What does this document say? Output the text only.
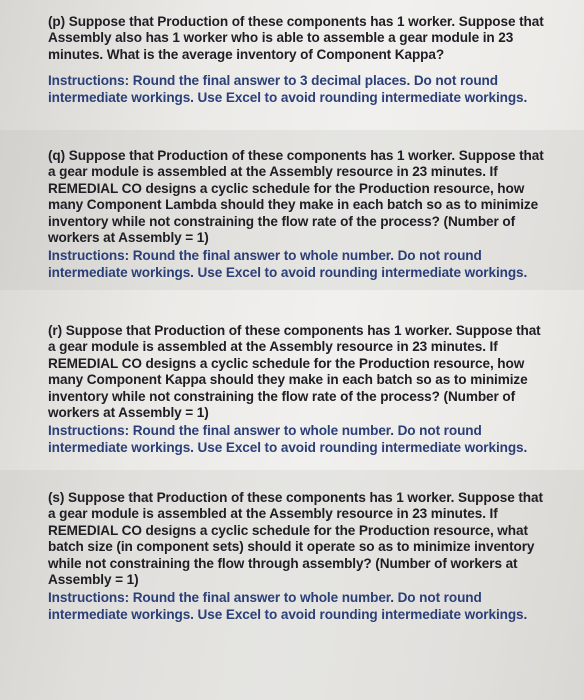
(p) Suppose that Production of these components has 1 worker. Suppose that Assembly also has 1 worker who is able to assemble a gear module in 23 minutes. What is the average inventory of Component Kappa?

Instructions: Round the final answer to 3 decimal places. Do not round intermediate workings. Use Excel to avoid rounding intermediate workings.

(q) Suppose that Production of these components has 1 worker. Suppose that a gear module is assembled at the Assembly resource in 23 minutes. If REMEDIAL CO designs a cyclic schedule for the Production resource, how many Component Lambda should they make in each batch so as to minimize inventory while not constraining the flow rate of the process? (Number of workers at Assembly = 1)

Instructions: Round the final answer to whole number. Do not round intermediate workings. Use Excel to avoid rounding intermediate workings.

(r) Suppose that Production of these components has 1 worker. Suppose that a gear module is assembled at the Assembly resource in 23 minutes. If REMEDIAL CO designs a cyclic schedule for the Production resource, how many Component Kappa should they make in each batch so as to minimize inventory while not constraining the flow rate of the process? (Number of workers at Assembly = 1)

Instructions: Round the final answer to whole number. Do not round intermediate workings. Use Excel to avoid rounding intermediate workings.

(s) Suppose that Production of these components has 1 worker. Suppose that a gear module is assembled at the Assembly resource in 23 minutes. If REMEDIAL CO designs a cyclic schedule for the Production resource, what batch size (in component sets) should it operate so as to minimize inventory while not constraining the flow through assembly? (Number of workers at Assembly = 1)

Instructions: Round the final answer to whole number. Do not round intermediate workings. Use Excel to avoid rounding intermediate workings.
